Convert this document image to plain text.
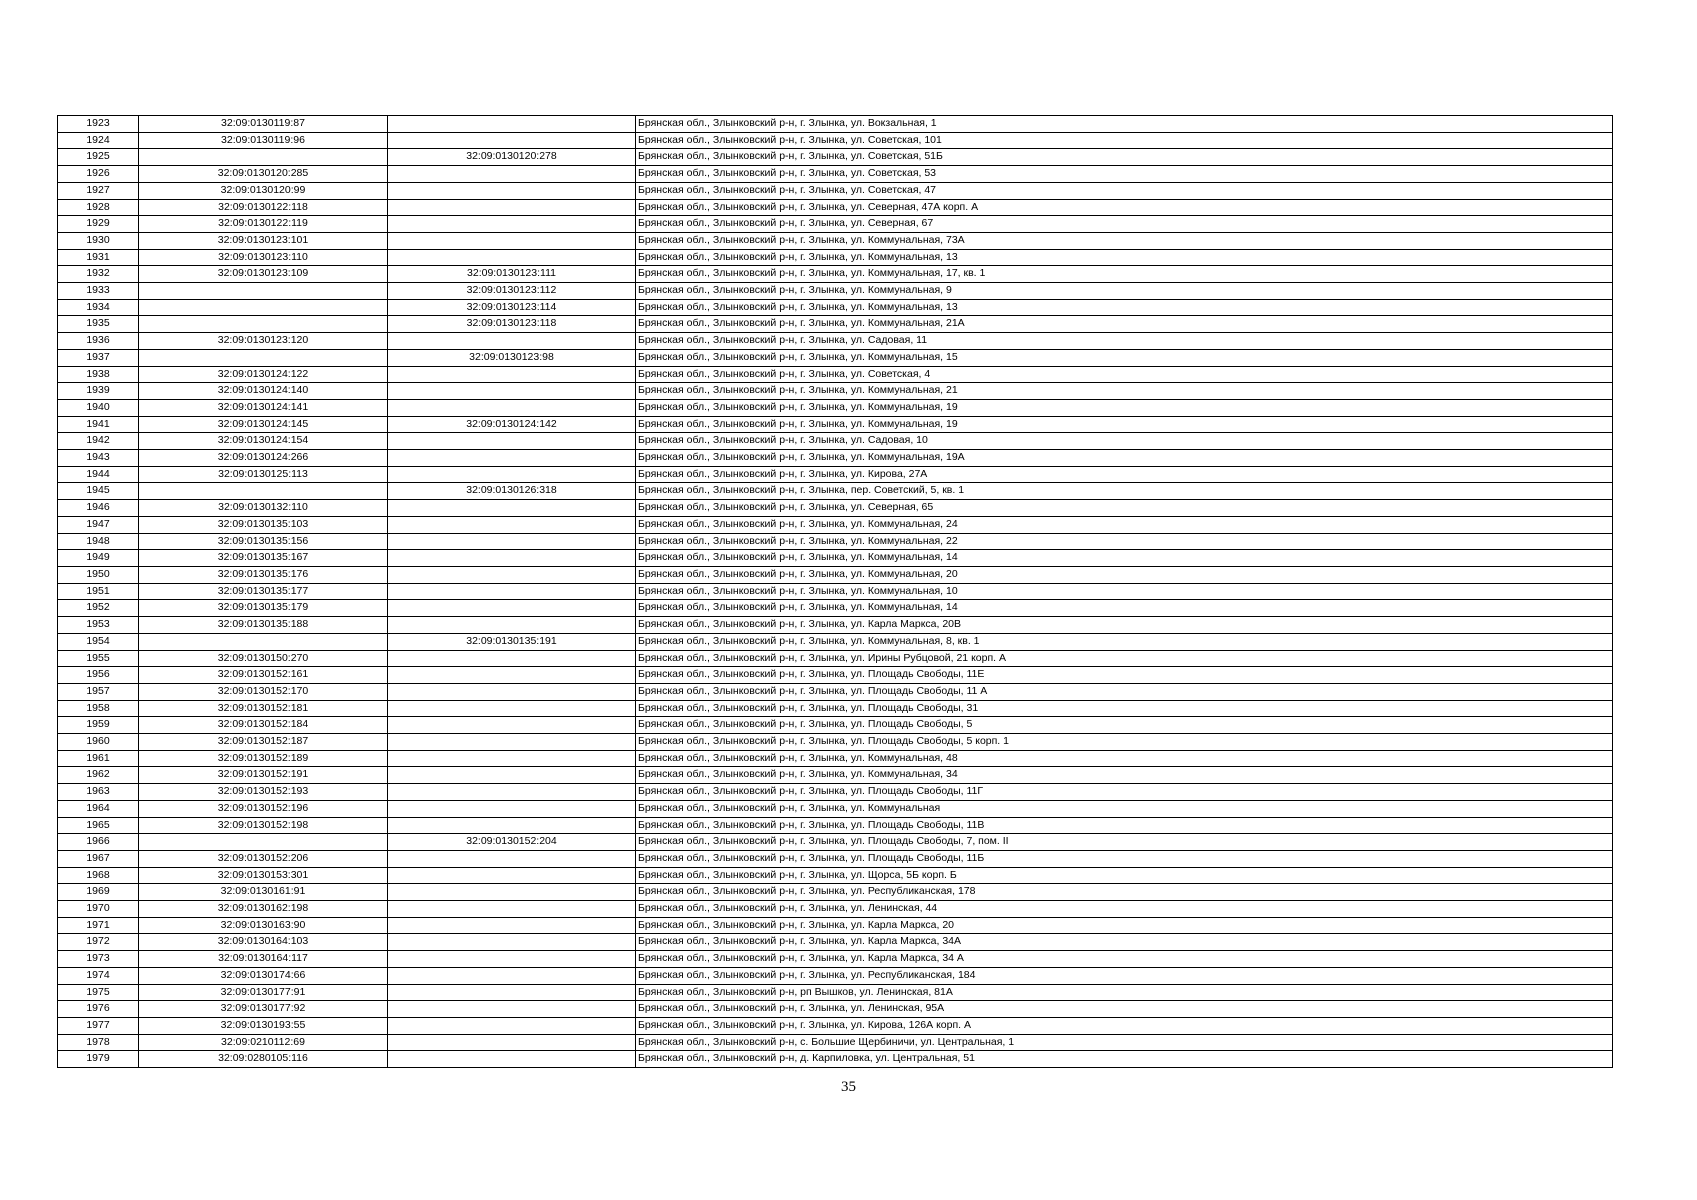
1923	32:09:0130119:87		Брянская обл., Злынковский р-н, г. Злынка, ул. Вокзальная, 1
1924	32:09:0130119:96		Брянская обл., Злынковский р-н, г. Злынка, ул. Советская, 101
1925		32:09:0130120:278	Брянская обл., Злынковский р-н, г. Злынка, ул. Советская, 51Б
1926	32:09:0130120:285		Брянская обл., Злынковский р-н, г. Злынка, ул. Советская, 53
1927	32:09:0130120:99		Брянская обл., Злынковский р-н, г. Злынка, ул. Советская, 47
1928	32:09:0130122:118		Брянская обл., Злынковский р-н, г. Злынка, ул. Северная, 47А корп. А
1929	32:09:0130122:119		Брянская обл., Злынковский р-н, г. Злынка, ул. Северная, 67
1930	32:09:0130123:101		Брянская обл., Злынковский р-н, г. Злынка, ул. Коммунальная, 73А
1931	32:09:0130123:110		Брянская обл., Злынковский р-н, г. Злынка, ул. Коммунальная, 13
1932	32:09:0130123:109	32:09:0130123:111	Брянская обл., Злынковский р-н, г. Злынка, ул. Коммунальная, 17, кв. 1
1933		32:09:0130123:112	Брянская обл., Злынковский р-н, г. Злынка, ул. Коммунальная, 9
1934		32:09:0130123:114	Брянская обл., Злынковский р-н, г. Злынка, ул. Коммунальная, 13
1935		32:09:0130123:118	Брянская обл., Злынковский р-н, г. Злынка, ул. Коммунальная, 21А
1936	32:09:0130123:120		Брянская обл., Злынковский р-н, г. Злынка, ул. Садовая, 11
1937		32:09:0130123:98	Брянская обл., Злынковский р-н, г. Злынка, ул. Коммунальная, 15
1938	32:09:0130124:122		Брянская обл., Злынковский р-н, г. Злынка, ул. Советская, 4
1939	32:09:0130124:140		Брянская обл., Злынковский р-н, г. Злынка, ул. Коммунальная, 21
1940	32:09:0130124:141		Брянская обл., Злынковский р-н, г. Злынка, ул. Коммунальная, 19
1941	32:09:0130124:145	32:09:0130124:142	Брянская обл., Злынковский р-н, г. Злынка, ул. Коммунальная, 19
1942	32:09:0130124:154		Брянская обл., Злынковский р-н, г. Злынка, ул. Садовая, 10
1943	32:09:0130124:266		Брянская обл., Злынковский р-н, г. Злынка, ул. Коммунальная, 19А
1944	32:09:0130125:113		Брянская обл., Злынковский р-н, г. Злынка, ул. Кирова, 27А
1945		32:09:0130126:318	Брянская обл., Злынковский р-н, г. Злынка, пер. Советский, 5, кв. 1
1946	32:09:0130132:110		Брянская обл., Злынковский р-н, г. Злынка, ул. Северная, 65
1947	32:09:0130135:103		Брянская обл., Злынковский р-н, г. Злынка, ул. Коммунальная, 24
1948	32:09:0130135:156		Брянская обл., Злынковский р-н, г. Злынка, ул. Коммунальная, 22
1949	32:09:0130135:167		Брянская обл., Злынковский р-н, г. Злынка, ул. Коммунальная, 14
1950	32:09:0130135:176		Брянская обл., Злынковский р-н, г. Злынка, ул. Коммунальная, 20
1951	32:09:0130135:177		Брянская обл., Злынковский р-н, г. Злынка, ул. Коммунальная, 10
1952	32:09:0130135:179		Брянская обл., Злынковский р-н, г. Злынка, ул. Коммунальная, 14
1953	32:09:0130135:188		Брянская обл., Злынковский р-н, г. Злынка, ул. Карла Маркса, 20В
1954		32:09:0130135:191	Брянская обл., Злынковский р-н, г. Злынка, ул. Коммунальная, 8, кв. 1
1955	32:09:0130150:270		Брянская обл., Злынковский р-н, г. Злынка, ул. Ирины Рубцовой, 21 корп. А
1956	32:09:0130152:161		Брянская обл., Злынковский р-н, г. Злынка, ул. Площадь Свободы, 11Е
1957	32:09:0130152:170		Брянская обл., Злынковский р-н, г. Злынка, ул. Площадь Свободы, 11 А
1958	32:09:0130152:181		Брянская обл., Злынковский р-н, г. Злынка, ул. Площадь Свободы, 31
1959	32:09:0130152:184		Брянская обл., Злынковский р-н, г. Злынка, ул. Площадь Свободы, 5
1960	32:09:0130152:187		Брянская обл., Злынковский р-н, г. Злынка, ул. Площадь Свободы, 5 корп. 1
1961	32:09:0130152:189		Брянская обл., Злынковский р-н, г. Злынка, ул. Коммунальная, 48
1962	32:09:0130152:191		Брянская обл., Злынковский р-н, г. Злынка, ул. Коммунальная, 34
1963	32:09:0130152:193		Брянская обл., Злынковский р-н, г. Злынка, ул. Площадь Свободы, 11Г
1964	32:09:0130152:196		Брянская обл., Злынковский р-н, г. Злынка, ул. Коммунальная
1965	32:09:0130152:198		Брянская обл., Злынковский р-н, г. Злынка, ул. Площадь Свободы, 11В
1966		32:09:0130152:204	Брянская обл., Злынковский р-н, г. Злынка, ул. Площадь Свободы, 7, пом. II
1967	32:09:0130152:206		Брянская обл., Злынковский р-н, г. Злынка, ул. Площадь Свободы, 11Б
1968	32:09:0130153:301		Брянская обл., Злынковский р-н, г. Злынка, ул. Щорса, 5Б корп. Б
1969	32:09:0130161:91		Брянская обл., Злынковский р-н, г. Злынка, ул. Республиканская, 178
1970	32:09:0130162:198		Брянская обл., Злынковский р-н, г. Злынка, ул. Ленинская, 44
1971	32:09:0130163:90		Брянская обл., Злынковский р-н, г. Злынка, ул. Карла Маркса, 20
1972	32:09:0130164:103		Брянская обл., Злынковский р-н, г. Злынка, ул. Карла Маркса, 34А
1973	32:09:0130164:117		Брянская обл., Злынковский р-н, г. Злынка, ул. Карла Маркса, 34 А
1974	32:09:0130174:66		Брянская обл., Злынковский р-н, г. Злынка, ул. Республиканская, 184
1975	32:09:0130177:91		Брянская обл., Злынковский р-н, рп Вышков, ул. Ленинская, 81А
1976	32:09:0130177:92		Брянская обл., Злынковский р-н, г. Злынка, ул. Ленинская, 95А
1977	32:09:0130193:55		Брянская обл., Злынковский р-н, г. Злынка, ул. Кирова, 126А корп. А
1978	32:09:0210112:69		Брянская обл., Злынковский р-н, с. Большие Щербиничи, ул. Центральная, 1
1979	32:09:0280105:116		Брянская обл., Злынковский р-н, д. Карпиловка, ул. Центральная, 51
35
